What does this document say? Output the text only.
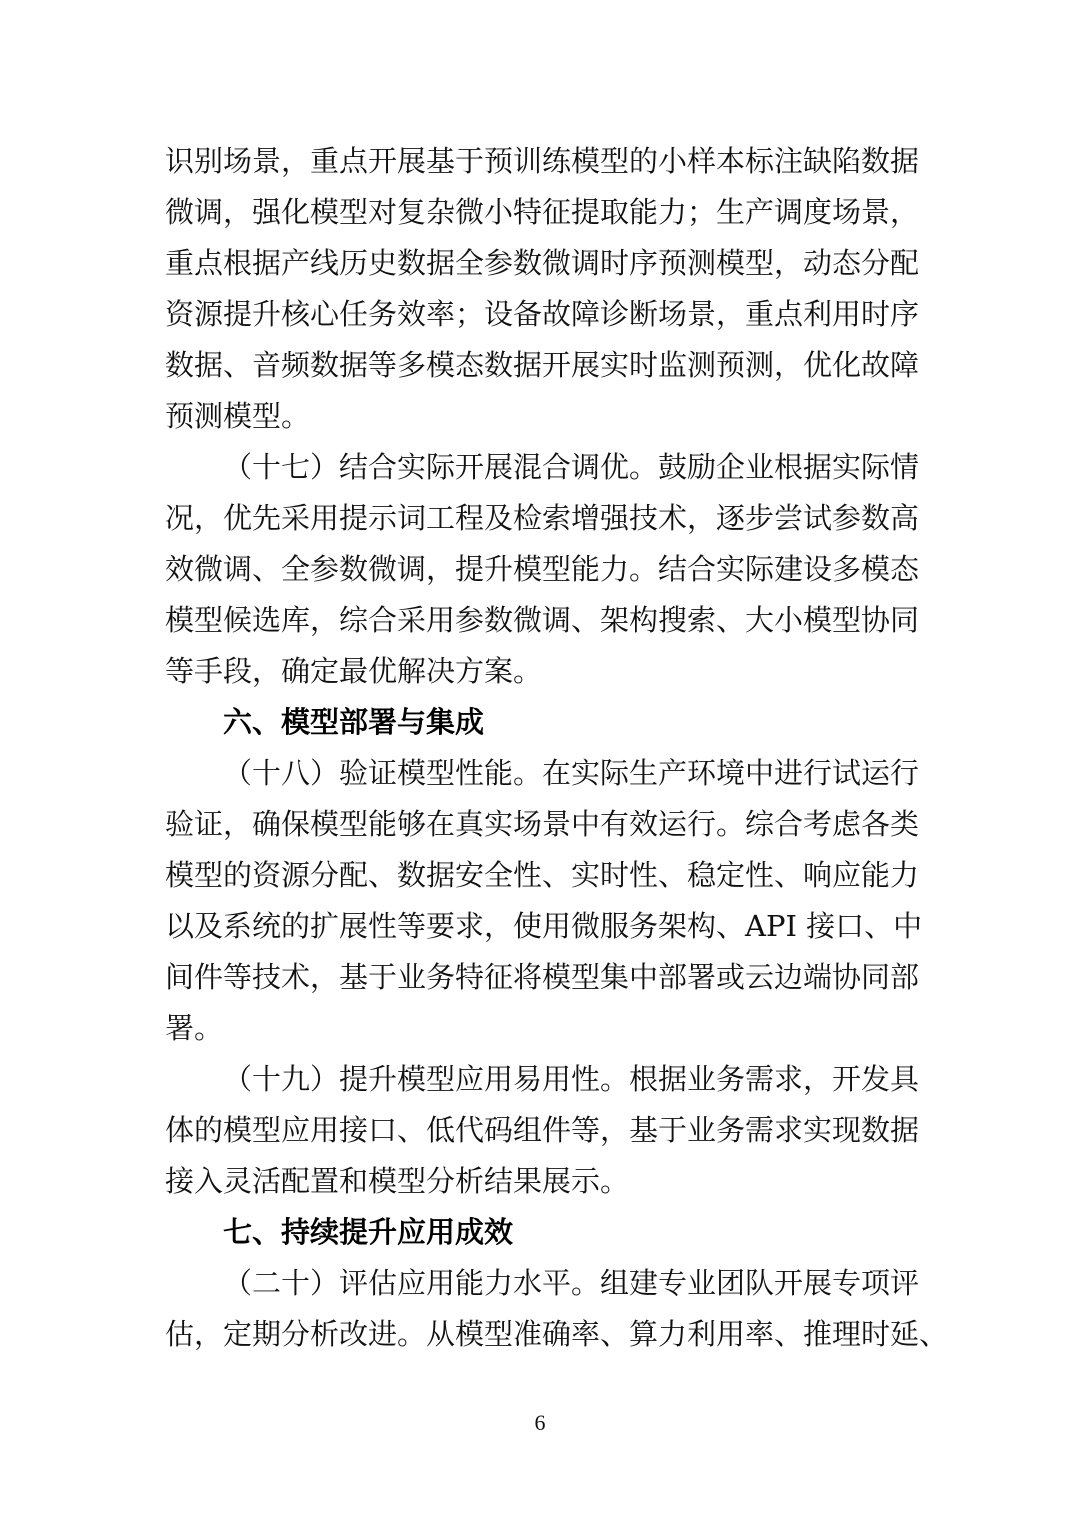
识别场景，重点开展基于预训练模型的小样本标注缺陷数据
微调，强化模型对复杂微小特征提取能力；生产调度场景，
重点根据产线历史数据全参数微调时序预测模型，动态分配
资源提升核心任务效率；设备故障诊断场景，重点利用时序
数据、音频数据等多模态数据开展实时监测预测，优化故障
预测模型。
（十七）结合实际开展混合调优。鼓励企业根据实际情
况，优先采用提示词工程及检索增强技术，逐步尝试参数高
效微调、全参数微调，提升模型能力。结合实际建设多模态
模型候选库，综合采用参数微调、架构搜索、大小模型协同
等手段，确定最优解决方案。
六、模型部署与集成
（十八）验证模型性能。在实际生产环境中进行试运行
验证，确保模型能够在真实场景中有效运行。综合考虑各类
模型的资源分配、数据安全性、实时性、稳定性、响应能力
以及系统的扩展性等要求，使用微服务架构、API 接口、中
间件等技术，基于业务特征将模型集中部署或云边端协同部
署。
（十九）提升模型应用易用性。根据业务需求，开发具
体的模型应用接口、低代码组件等，基于业务需求实现数据
接入灵活配置和模型分析结果展示。
七、持续提升应用成效
（二十）评估应用能力水平。组建专业团队开展专项评
估，定期分析改进。从模型准确率、算力利用率、推理时延、
6
